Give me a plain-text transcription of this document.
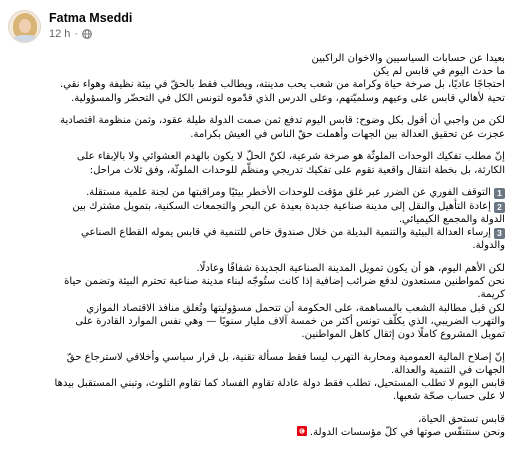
Fatma Mseddi
12 h ·

بعيدا عن حسابات السياسيين والاخوان الراكبين
ما حدث اليوم في قابس لم يكن
احتجاجًا عاديًا، بل صرخة حياة وكرامة من شعب يحب مدينته، ويطالب فقط بالحقّ في بيئة نظيفة وهواء نقي.
تحية لأهالي قابس على وعيهم وسلميّتهم، وعلى الدرس الذي قدّموه لتونس الكل في التحضّر والمسؤولية.

لكن من واجبي أن أقول بكل وضوح: قابس اليوم تدفع ثمن صمت الدولة طيلة عقود، وثمن منظومة اقتصادية
عجزت عن تحقيق العدالة بين الجهات وأهملت حقّ الناس في العيش بكرامة.

إنّ مطلب تفكيك الوحدات الملوثّة هو صرخة شرعية، لكنّ الحلّ لا يكون بالهدم العشوائي ولا بالإبقاء على
الكارثة، بل بخطة انتقال واقعية تقوم على تفكيك تدريجي ومنظّم للوحدات الملوثّة، وفق ثلاث مراحل:

1التوقف الفوري عن الضرر عبر غلق مؤقت للوحدات الأخطر بيئيًا ومراقبتها من لجنة علمية مستقلة.
2إعادة التأهيل والنقل إلى مدينة صناعية جديدة بعيدة عن البحر والتجمعات السكنية، بتمويل مشترك بين
الدولة والمجمع الكيميائي.
3إرساء العدالة البيئية والتنمية البديلة من خلال صندوق خاص للتنمية في قابس يموله القطاع الصناعي
والدولة.

لكن الأهم اليوم، هو أن يكون تمويل المدينة الصناعية الجديدة شفافًا وعادلًا.
نحن كمواطنين مستعدون لدفع ضرائب إضافية إذا كانت ستُوجّه لبناء مدينة صناعية تحترم البيئة وتضمن حياة
كريمة.
لكن قبل مطالبة الشعب بالمساهمة، على الحكومة أن تتحمل مسؤوليتها وتُغلق منافذ الاقتصاد الموازي
والتهرب الضريبي، الذي يكلّف تونس أكثر من خمسة آلاف مليار سنويًا — وهي نفس الموارد القادرة على
تمويل المشروع كاملًا دون إثقال كاهل المواطنين.

إنّ إصلاح المالية العمومية ومحاربة التهرب ليسا فقط مسألة تقنية، بل قرار سياسي وأخلاقي لاسترجاع حقّ
الجهات في التنمية والعدالة.
قابس اليوم لا تطلب المستحيل، تطلب فقط دولة عادلة تقاوم الفساد كما تقاوم التلوث، وتبني المستقبل بيدها
لا على حساب صحّة شعبها.

قابس تستحق الحياة،
ونحن سنتنفّس صوتها في كلّ مؤسسات الدولة.
